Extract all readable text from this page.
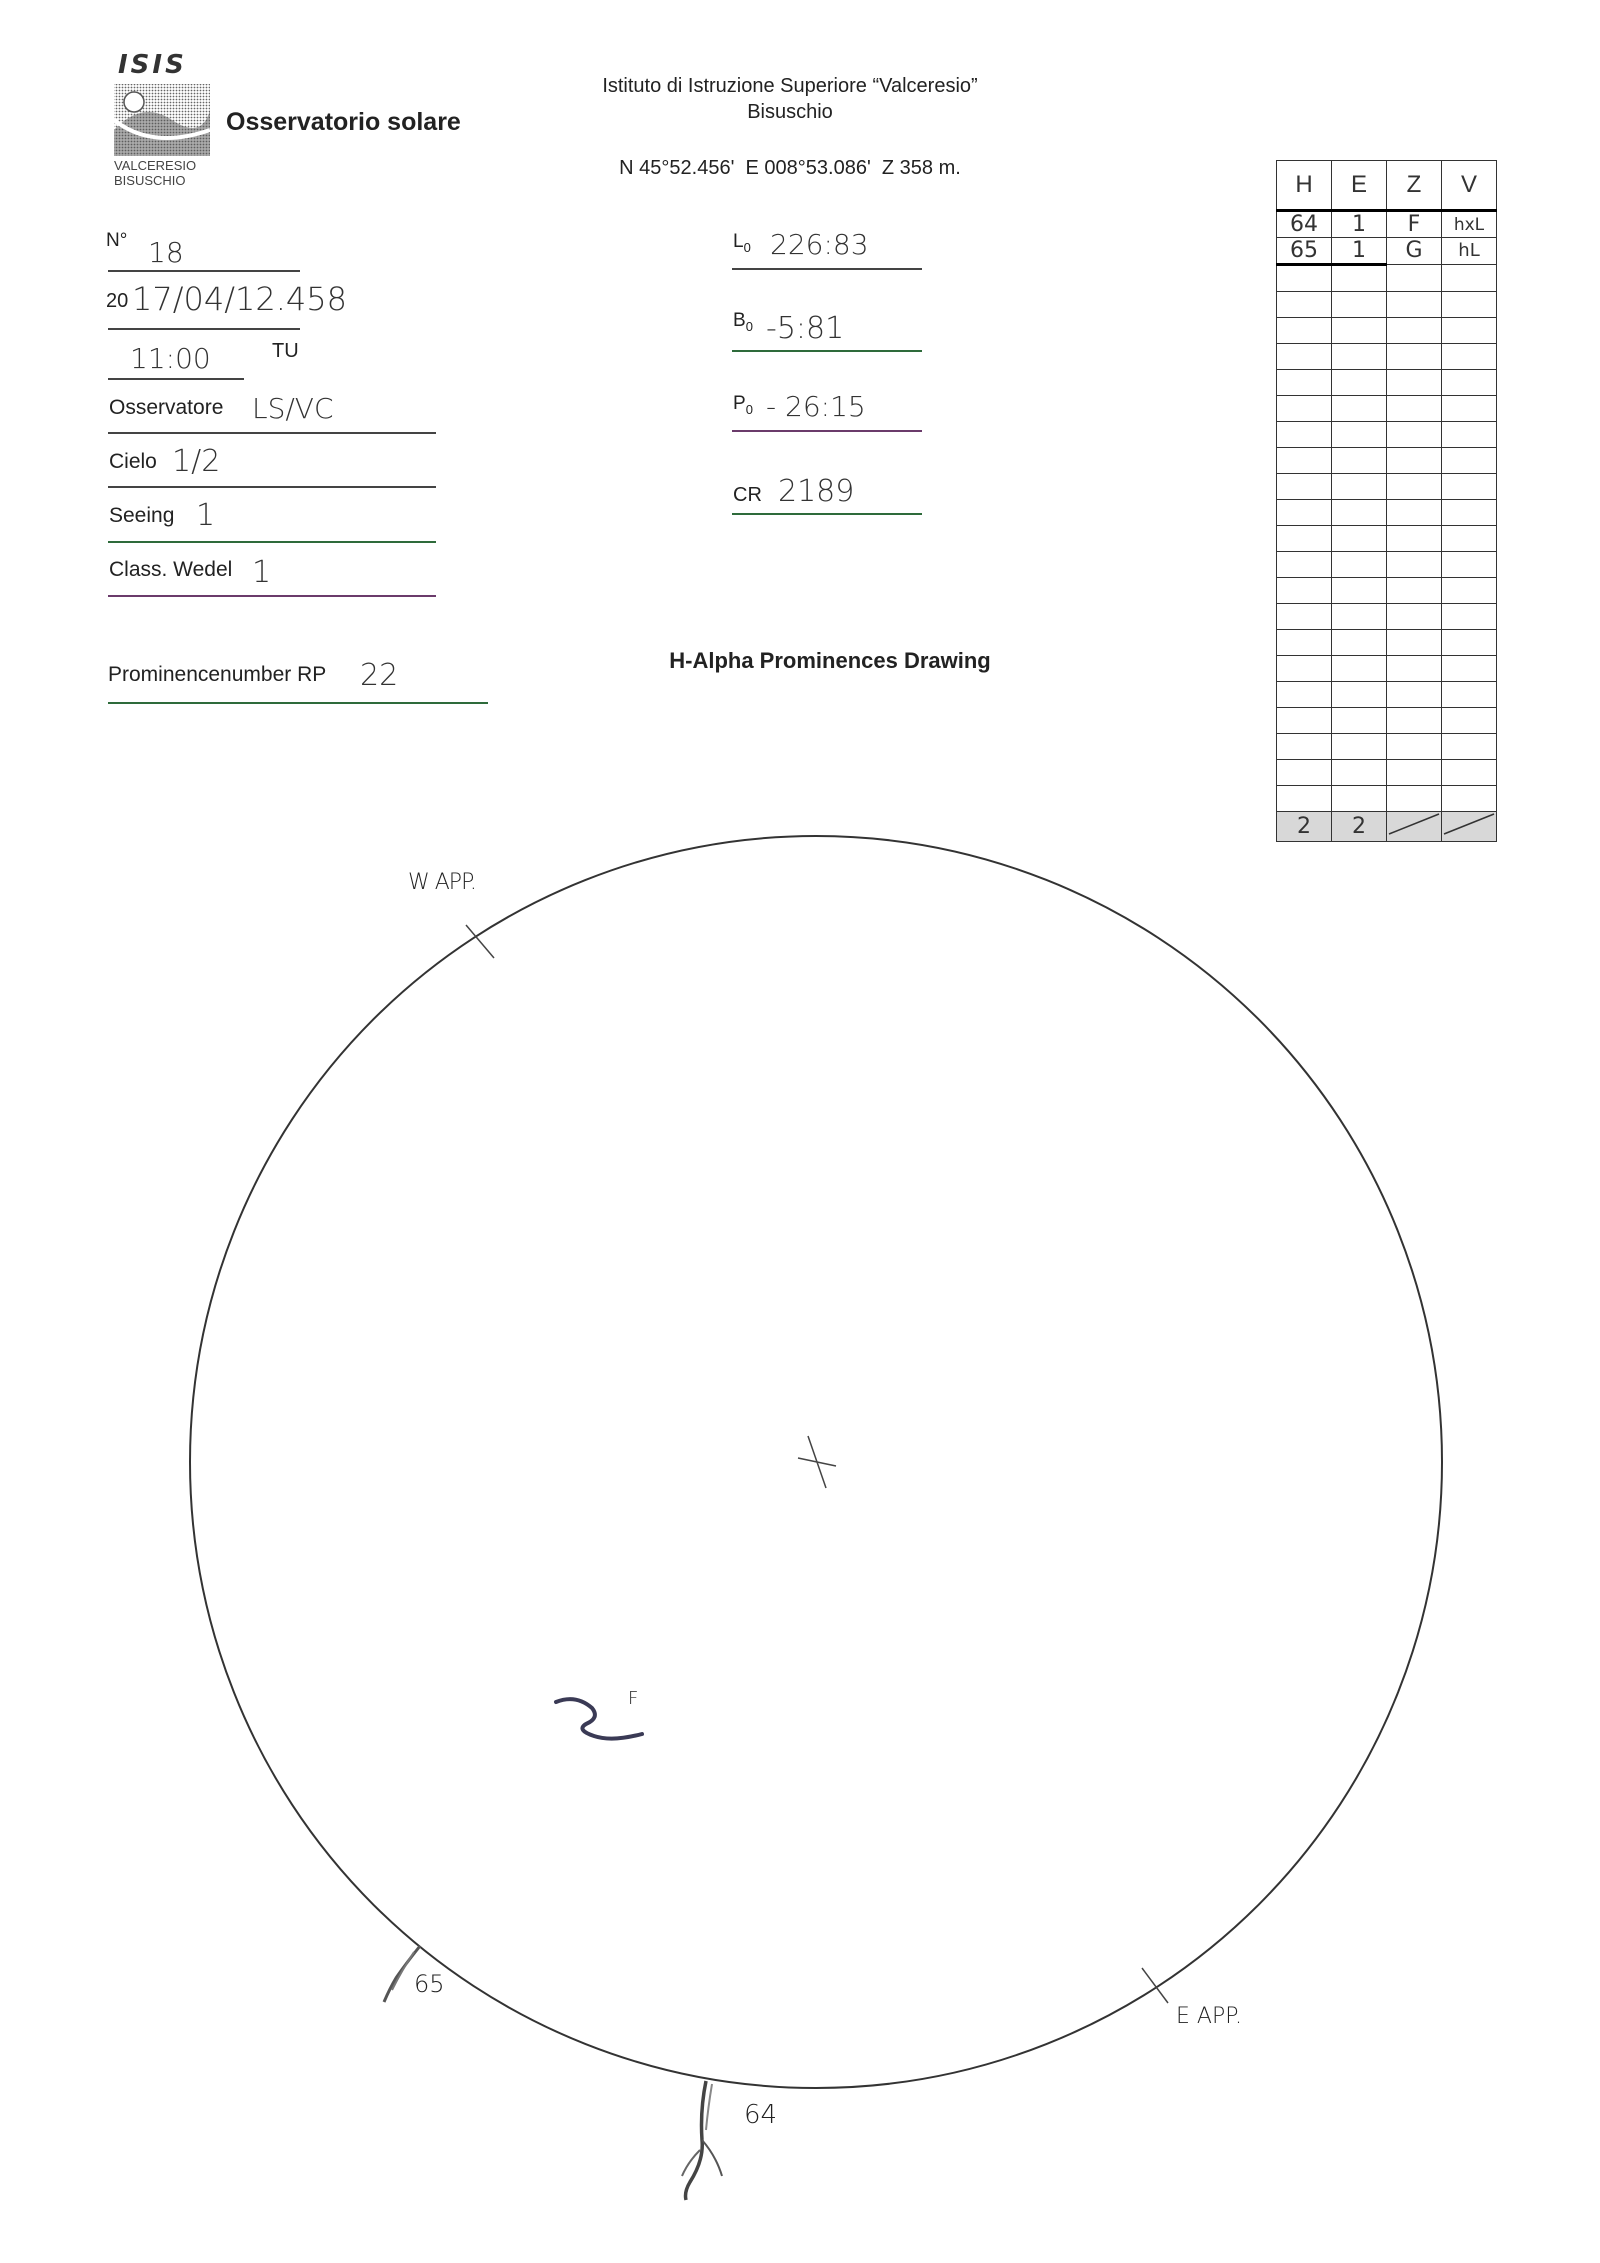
ISIS
VALCERESIO
BISUSCHIO
Osservatorio solare
Istituto di Istruzione Superiore “Valceresio”
Bisuschio
N 45°52.456'  E 008°53.086'  Z 358 m.
N° 18
20 17/04/12.458
11:00	TU
Osservatore LS/VC
Cielo 1/2
Seeing 1
Class. Wedel 1
Prominencenumber RP 22
$L_0$ 226:83
$B_0$ -5:81
$P_0$ - 26:15
CR 2189
H-Alpha Prominences Drawing
H	E	Z	V
64	1	F	hxL
65	1	G	hL

2	2		
W APP.
E APP.
F
65
64
